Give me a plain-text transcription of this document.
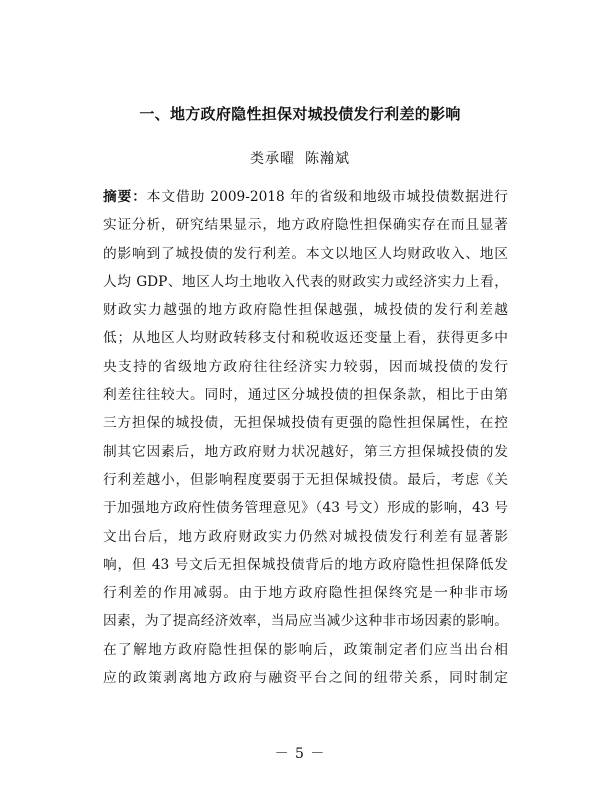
一、地方政府隐性担保对城投债发行利差的影响
类承曜 陈瀚斌
摘要：本文借助 2009-2018 年的省级和地级市城投债数据进行
实证分析，研究结果显示，地方政府隐性担保确实存在而且显著
的影响到了城投债的发行利差。本文以地区人均财政收入、地区
人均 GDP、地区人均土地收入代表的财政实力或经济实力上看，
财政实力越强的地方政府隐性担保越强，城投债的发行利差越
低；从地区人均财政转移支付和税收返还变量上看，获得更多中
央支持的省级地方政府往往经济实力较弱，因而城投债的发行
利差往往较大。同时，通过区分城投债的担保条款，相比于由第
三方担保的城投债，无担保城投债有更强的隐性担保属性，在控
制其它因素后，地方政府财力状况越好，第三方担保城投债的发
行利差越小，但影响程度要弱于无担保城投债。最后，考虑《关
于加强地方政府性债务管理意见》（43 号文）形成的影响，43 号
文出台后，地方政府财政实力仍然对城投债发行利差有显著影
响，但 43 号文后无担保城投债背后的地方政府隐性担保降低发
行利差的作用减弱。由于地方政府隐性担保终究是一种非市场
因素，为了提高经济效率，当局应当减少这种非市场因素的影响。
在了解地方政府隐性担保的影响后，政策制定者们应当出台相
应的政策剥离地方政府与融资平台之间的纽带关系，同时制定
－ 5 －
